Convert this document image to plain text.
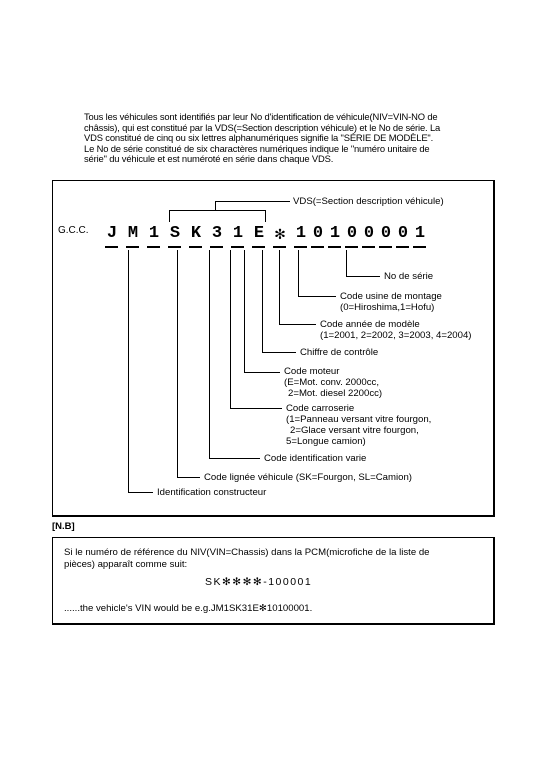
Tous les véhicules sont identifiés par leur No d'identification de véhicule(NIV=VIN-NO de

châssis), qui est constitué par la VDS(=Section description véhicule) et le No de série. La

VDS constitué de cinq ou six lettres alphanumériques signifie la "SÉRIE DE MODÈLE".

Le No de série constitué de six charactères numériques indique le "numéro unitaire de

série" du véhicule et est numéroté en série dans chaque VDS.

G.C.C. J M 1 S K 3 1 E ✻ 1 0 1 0 0 0 0 1
VDS(=Section description véhicule)
No de série
Code usine de montage
(0=Hiroshima,1=Hofu)
Code année de modèle
(1=2001, 2=2002, 3=2003, 4=2004)
Chiffre de contrôle
Code moteur
(E=Mot. conv. 2000cc,
2=Mot. diesel 2200cc)
Code carroserie
(1=Panneau versant vitre fourgon,
2=Glace versant vitre fourgon,
5=Longue camion)
Code identification varie
Code lignée véhicule (SK=Fourgon, SL=Camion)
Identification constructeur
[N.B]
Si le numéro de référence du NIV(VIN=Chassis) dans la PCM(microfiche de la liste de
pièces) apparaît comme suit:
SK✻✻✻✻-100001
......the vehicle's VIN would be e.g.JM1SK31E✻10100001.
